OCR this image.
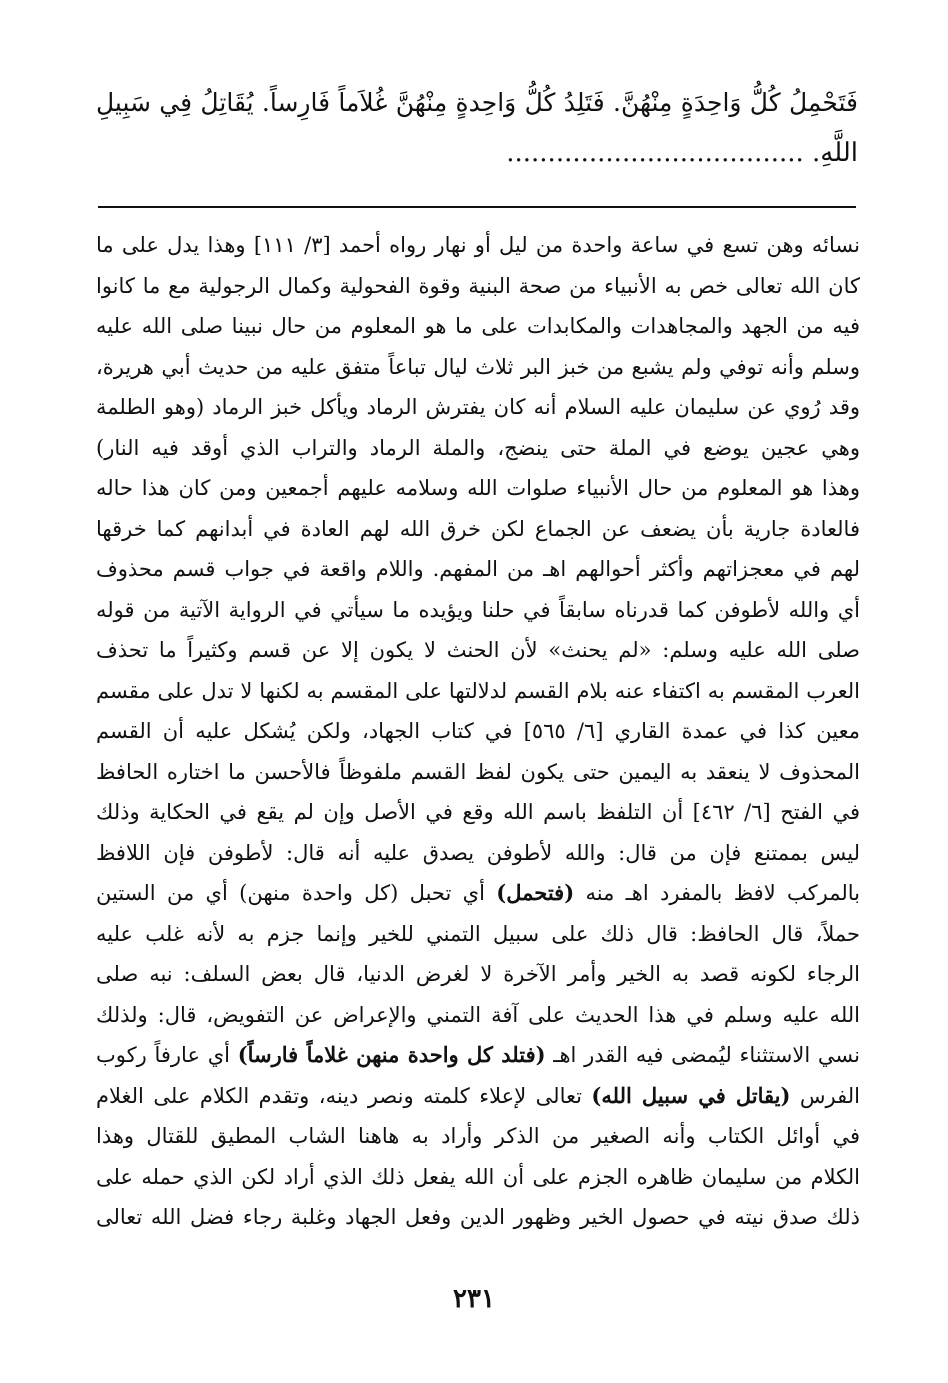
فَتَحْمِلُ كُلُّ وَاحِدَةٍ مِنْهُنَّ. فَتَلِدُ كُلُّ وَاحِدةٍ مِنْهُنَّ غُلاَماً فَارِساً. يُقَاتِلُ فِي سَبِيلِ
اللَّهِ. ....................................
نسائه وهن تسع في ساعة واحدة من ليل أو نهار رواه أحمد [٣/ ١١١] وهذا يدل على ما
كان الله تعالى خص به الأنبياء من صحة البنية وقوة الفحولية وكمال الرجولية مع ما كانوا
فيه من الجهد والمجاهدات والمكابدات على ما هو المعلوم من حال نبينا صلى الله عليه
وسلم وأنه توفي ولم يشبع من خبز البر ثلاث ليال تباعاً متفق عليه من حديث أبي هريرة،
وقد رُوي عن سليمان عليه السلام أنه كان يفترش الرماد ويأكل خبز الرماد (وهو الطلمة
وهي عجين يوضع في الملة حتى ينضج، والملة الرماد والتراب الذي أوقد فيه النار)
وهذا هو المعلوم من حال الأنبياء صلوات الله وسلامه عليهم أجمعين ومن كان هذا حاله
فالعادة جارية بأن يضعف عن الجماع لكن خرق الله لهم العادة في أبدانهم كما خرقها
لهم في معجزاتهم وأكثر أحوالهم اهـ من المفهم. واللام واقعة في جواب قسم محذوف
أي والله لأطوفن كما قدرناه سابقاً في حلنا ويؤيده ما سيأتي في الرواية الآتية من قوله
صلى الله عليه وسلم: «لم يحنث» لأن الحنث لا يكون إلا عن قسم وكثيراً ما تحذف
العرب المقسم به اكتفاء عنه بلام القسم لدلالتها على المقسم به لكنها لا تدل على مقسم
معين كذا في عمدة القاري [٦/ ٥٦٥] في كتاب الجهاد، ولكن يُشكل عليه أن القسم
المحذوف لا ينعقد به اليمين حتى يكون لفظ القسم ملفوظاً فالأحسن ما اختاره الحافظ
في الفتح [٦/ ٤٦٢] أن التلفظ باسم الله وقع في الأصل وإن لم يقع في الحكاية وذلك
ليس بممتنع فإن من قال: والله لأطوفن يصدق عليه أنه قال: لأطوفن فإن اللافظ
بالمركب لافظ بالمفرد اهـ منه (فتحمل) أي تحبل (كل واحدة منهن) أي من الستين
حملاً، قال الحافظ: قال ذلك على سبيل التمني للخير وإنما جزم به لأنه غلب عليه
الرجاء لكونه قصد به الخير وأمر الآخرة لا لغرض الدنيا، قال بعض السلف: نبه صلى
الله عليه وسلم في هذا الحديث على آفة التمني والإعراض عن التفويض، قال: ولذلك
نسي الاستثناء ليُمضى فيه القدر اهـ (فتلد كل واحدة منهن غلاماً فارساً) أي عارفاً ركوب
الفرس (يقاتل في سبيل الله) تعالى لإعلاء كلمته ونصر دينه، وتقدم الكلام على الغلام
في أوائل الكتاب وأنه الصغير من الذكر وأراد به هاهنا الشاب المطيق للقتال وهذا
الكلام من سليمان ظاهره الجزم على أن الله يفعل ذلك الذي أراد لكن الذي حمله على
ذلك صدق نيته في حصول الخير وظهور الدين وفعل الجهاد وغلبة رجاء فضل الله تعالى
٢٣١
